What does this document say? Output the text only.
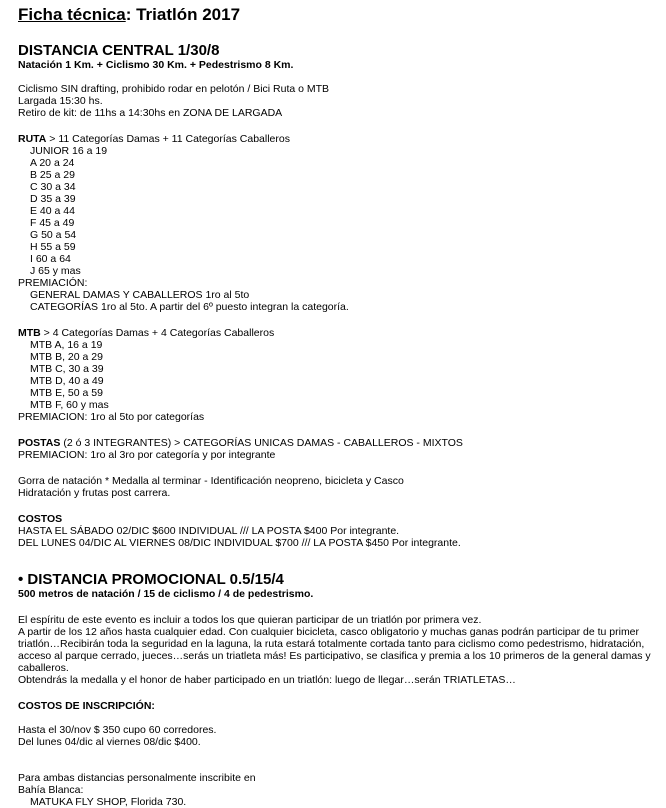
Ficha técnica: Triatlón 2017
DISTANCIA CENTRAL 1/30/8
Natación 1 Km. + Ciclismo 30 Km. + Pedestrismo 8 Km.
Ciclismo SIN drafting, prohibido rodar en pelotón / Bici Ruta o MTB
Largada 15:30 hs.
Retiro de kit: de 11hs a 14:30hs en ZONA DE LARGADA
RUTA > 11 Categorías Damas + 11 Categorías Caballeros
JUNIOR 16 a 19
A 20 a 24
B 25 a 29
C 30 a 34
D 35 a 39
E 40 a 44
F 45 a 49
G 50 a 54
H 55 a 59
I 60 a 64
J 65 y mas
PREMIACIÓN:
GENERAL DAMAS Y CABALLEROS 1ro al 5to
CATEGORÍAS 1ro al 5to. A partir del 6º puesto integran la categoría.
MTB > 4 Categorías Damas + 4 Categorías Caballeros
MTB A, 16 a 19
MTB B, 20 a 29
MTB C, 30 a 39
MTB D, 40 a 49
MTB E, 50 a 59
MTB F, 60 y mas
PREMIACION: 1ro al 5to por categorías
POSTAS (2 ó 3 INTEGRANTES) > CATEGORÍAS UNICAS DAMAS - CABALLEROS - MIXTOS
PREMIACION: 1ro al 3ro por categoría y por integrante
Gorra de natación * Medalla al terminar - Identificación neopreno, bicicleta y Casco
Hidratación y frutas post carrera.
COSTOS
HASTA EL SÁBADO 02/DIC $600 INDIVIDUAL /// LA POSTA $400 Por integrante.
DEL LUNES 04/DIC AL VIERNES 08/DIC INDIVIDUAL $700 /// LA POSTA $450 Por integrante.
• DISTANCIA PROMOCIONAL 0.5/15/4
500 metros de natación / 15 de ciclismo / 4 de pedestrismo.
El espíritu de este evento es incluir a todos los que quieran participar de un triatlón por primera vez.
A partir de los 12 años hasta cualquier edad. Con cualquier bicicleta, casco obligatorio y muchas ganas podrán participar de tu primer triatlón…Recibirán toda la seguridad en la laguna, la ruta estará totalmente cortada tanto para ciclismo como pedestrismo, hidratación, acceso al parque cerrado, jueces…serás un triatleta más! Es participativo, se clasifica y premia a los 10 primeros de la general damas y caballeros.
Obtendrás la medalla y el honor de haber participado en un triatlón: luego de llegar…serán TRIATLETAS…
COSTOS DE INSCRIPCIÓN:
Hasta el 30/nov $ 350 cupo 60 corredores.
Del lunes 04/dic al viernes 08/dic $400.
Para ambas distancias personalmente inscribite en
Bahía Blanca:
MATUKA FLY SHOP, Florida 730.
